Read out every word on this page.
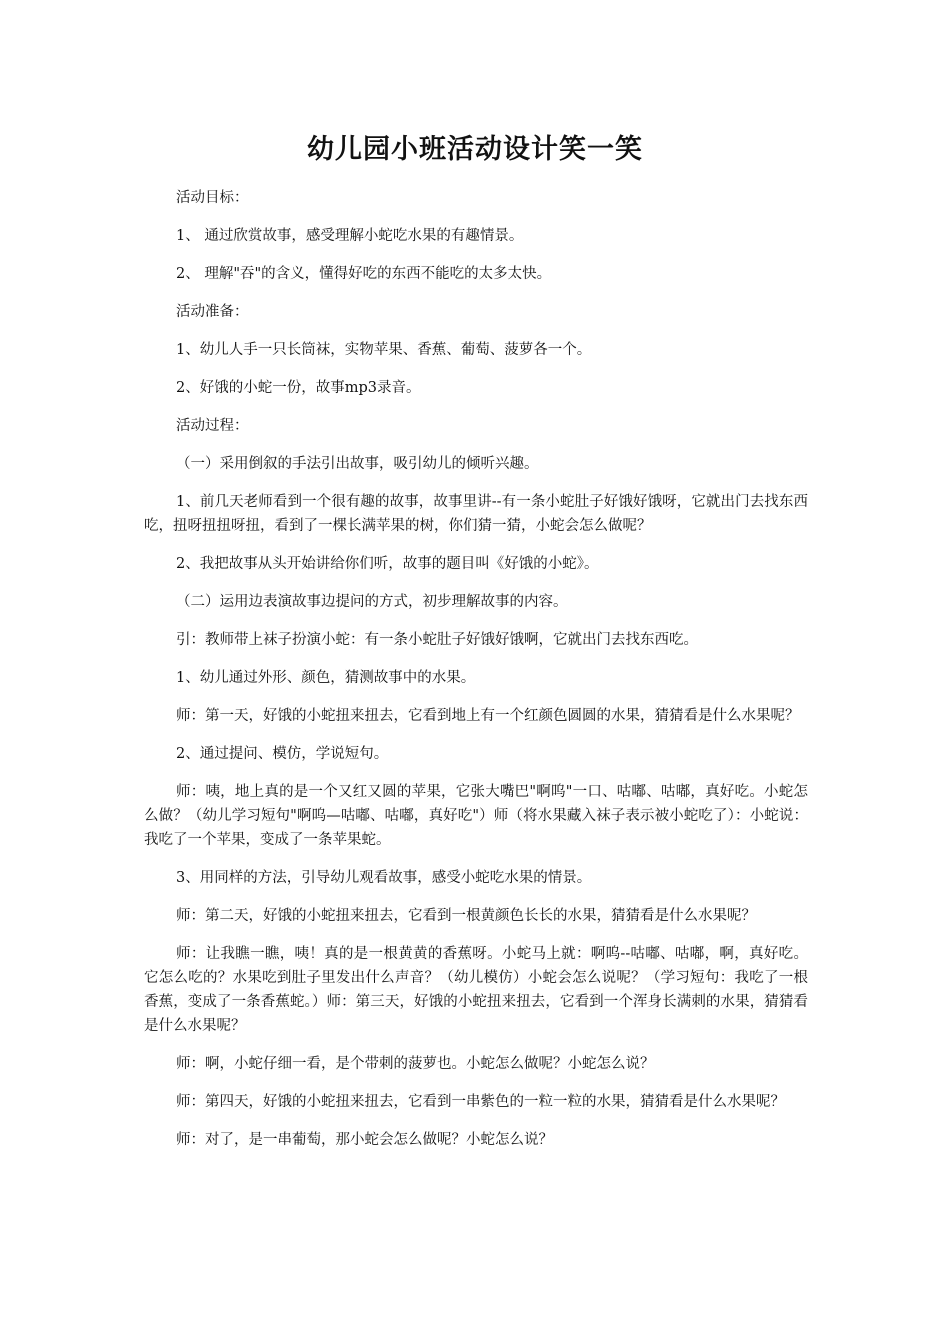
幼儿园小班活动设计笑一笑

活动目标：

1、 通过欣赏故事，感受理解小蛇吃水果的有趣情景。

2、 理解"吞"的含义，懂得好吃的东西不能吃的太多太快。

活动准备：

1、幼儿人手一只长筒袜，实物苹果、香蕉、葡萄、菠萝各一个。

2、好饿的小蛇一份，故事mp3录音。

活动过程：

（一）采用倒叙的手法引出故事，吸引幼儿的倾听兴趣。

1、前几天老师看到一个很有趣的故事，故事里讲--有一条小蛇肚子好饿好饿呀，它就出门去找东西吃，扭呀扭扭呀扭，看到了一棵长满苹果的树，你们猜一猜，小蛇会怎么做呢？

2、我把故事从头开始讲给你们听，故事的题目叫《好饿的小蛇》。

（二）运用边表演故事边提问的方式，初步理解故事的内容。

引：教师带上袜子扮演小蛇：有一条小蛇肚子好饿好饿啊，它就出门去找东西吃。

1、幼儿通过外形、颜色，猜测故事中的水果。

师：第一天，好饿的小蛇扭来扭去，它看到地上有一个红颜色圆圆的水果，猜猜看是什么水果呢？

2、通过提问、模仿，学说短句。

师：咦，地上真的是一个又红又圆的苹果，它张大嘴巴"啊呜"一口、咕嘟、咕嘟，真好吃。小蛇怎么做？（幼儿学习短句"啊呜—咕嘟、咕嘟，真好吃"）师（将水果藏入袜子表示被小蛇吃了）：小蛇说：我吃了一个苹果，变成了一条苹果蛇。

3、用同样的方法，引导幼儿观看故事，感受小蛇吃水果的情景。

师：第二天，好饿的小蛇扭来扭去，它看到一根黄颜色长长的水果，猜猜看是什么水果呢？

师：让我瞧一瞧，咦！真的是一根黄黄的香蕉呀。小蛇马上就：啊呜--咕嘟、咕嘟，啊，真好吃。它怎么吃的？水果吃到肚子里发出什么声音？（幼儿模仿）小蛇会怎么说呢？（学习短句：我吃了一根香蕉，变成了一条香蕉蛇。）师：第三天，好饿的小蛇扭来扭去，它看到一个浑身长满刺的水果，猜猜看是什么水果呢？

师：啊，小蛇仔细一看，是个带刺的菠萝也。小蛇怎么做呢？小蛇怎么说？

师：第四天，好饿的小蛇扭来扭去，它看到一串紫色的一粒一粒的水果，猜猜看是什么水果呢？

师：对了，是一串葡萄，那小蛇会怎么做呢？小蛇怎么说？
